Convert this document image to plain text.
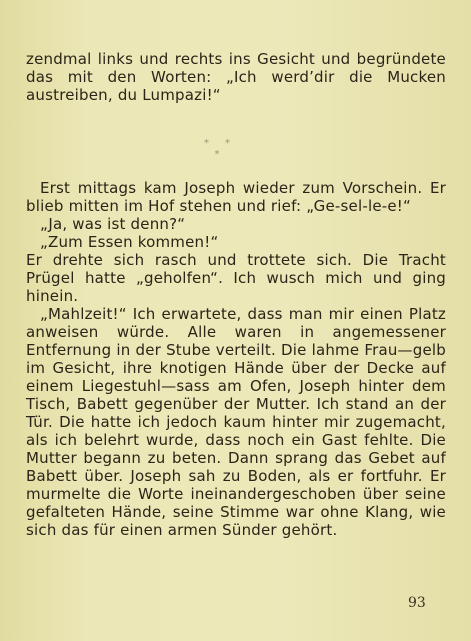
zendmal links und rechts ins Gesicht und begründete das mit den Worten: „Ich werd’dir die Mucken austreiben, du Lumpazi!“

* *
*
Erst mittags kam Joseph wieder zum Vorschein. Er blieb mitten im Hof stehen und rief: „Ge-sel-le-e!“
„Ja, was ist denn?“
„Zum Essen kommen!“
Er drehte sich rasch und trottete sich. Die Tracht Prügel hatte „geholfen“. Ich wusch mich und ging hinein.
„Mahlzeit!“ Ich erwartete, dass man mir einen Platz anweisen würde. Alle waren in angemessener Entfernung in der Stube verteilt. Die lahme Frau—gelb im Gesicht, ihre knotigen Hände über der Decke auf einem Liegestuhl—sass am Ofen, Joseph hinter dem Tisch, Babett gegenüber der Mutter. Ich stand an der Tür. Die hatte ich jedoch kaum hinter mir zugemacht, als ich belehrt wurde, dass noch ein Gast fehlte. Die Mutter begann zu beten. Dann sprang das Gebet auf Babett über. Joseph sah zu Boden, als er fortfuhr. Er murmelte die Worte ineinandergeschoben über seine gefalteten Hände, seine Stimme war ohne Klang, wie sich das für einen armen Sünder gehört.
93
